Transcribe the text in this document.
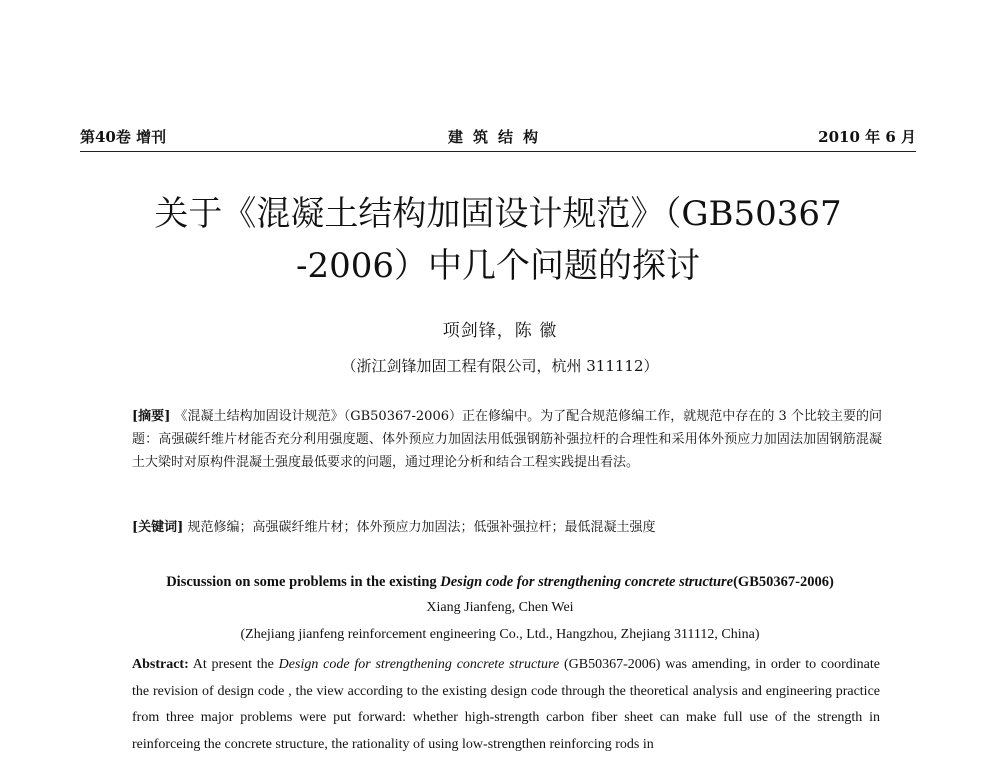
第40卷 增刊	建筑结构	2010 年 6 月
关于《混凝土结构加固设计规范》（GB50367
-2006）中几个问题的探讨
项剑锋，陈 徽
（浙江剑锋加固工程有限公司，杭州 311112）
[摘要] 《混凝土结构加固设计规范》（GB50367-2006）正在修编中。为了配合规范修编工作，就规范中存在的 3 个比较主要的问题：高强碳纤维片材能否充分利用强度题、体外预应力加固法用低强钢筋补强拉杆的合理性和采用体外预应力加固法加固钢筋混凝土大梁时对原构件混凝土强度最低要求的问题，通过理论分析和结合工程实践提出看法。
[关键词] 规范修编；高强碳纤维片材；体外预应力加固法；低强补强拉杆；最低混凝土强度
Discussion on some problems in the existing Design code for strengthening concrete structure(GB50367-2006)
Xiang Jianfeng, Chen Wei
(Zhejiang jianfeng reinforcement engineering Co., Ltd., Hangzhou, Zhejiang 311112, China)
Abstract: At present the Design code for strengthening concrete structure (GB50367-2006) was amending, in order to coordinate the revision of design code , the view according to the existing design code through the theoretical analysis and engineering practice from three major problems were put forward: whether high-strength carbon fiber sheet can make full use of the strength in reinforceing the concrete structure, the rationality of using low-strengthen reinforcing rods in
